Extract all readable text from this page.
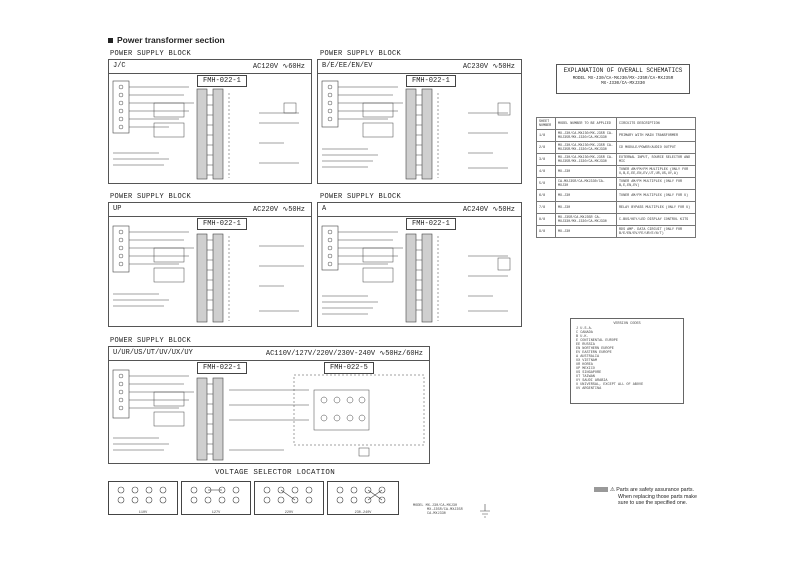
Power transformer section
POWER SUPPLY BLOCK
J/C	AC120V ∿60Hz
FMH-022-1
POWER SUPPLY BLOCK
B/E/EE/EN/EV	AC230V ∿50Hz
FMH-022-1
POWER SUPPLY BLOCK
UP	AC220V ∿50Hz
FMH-022-1
POWER SUPPLY BLOCK
A	AC240V ∿50Hz
FMH-022-1
POWER SUPPLY BLOCK
U/UR/US/UT/UV/UX/UY	AC110V/127V/220V/230V-240V ∿50Hz/60Hz
FMH-022-1	FMH-022-5
VOLTAGE SELECTOR LOCATION
110V	127V	220V	230-240V
MODEL MX-J30/CA-MXJ30
MX-J35R/CA-MXJ35R
CA-MXJ330
EXPLANATION OF OVERALL SCHEMATICS
MODEL MX-J30/CA-MXJ30/MX-J35R/CA-MXJ35R
MX-J330/CA-MXJ330
SHEET NUMBER	MODEL NUMBER TO BE APPLIED	CIRCUITS DESCRIPTION
1/8	MX-J30/CA-MXJ30/MX-J35R CA-MXJ35R/MX-J330/CA-MXJ330	PRIMARY WITH MAIN TRANSFORMER
2/8	MX-J30/CA-MXJ30/MX-J35R CA-MXJ35R/MX-J330/CA-MXJ330	CD MODULE/POWER/AUDIO OUTPUT
3/8	MX-J30/CA-MXJ30/MX-J35R CA-MXJ35R/MX-J330/CA-MXJ330	EXTERNAL INPUT, SOURCE SELECTOR AND MIC
4/8	MX-J30	TUNER AM/FM/FM MULTIPLEX (ONLY FOR U,B,E,EE,EN,EV,UT,UR,US,UY,A)
5/8	CA-MXJ35R/CA-MXJ330/CA-MXJ30	TUNER AM/FM MULTIPLEX (ONLY FOR B,E,EN,EV)
6/8	MX-J30	TUNER AM/FM MULTIPLEX (ONLY FOR U)
7/8	MX-J30	RELAY BYPASS MULTIPLEX (ONLY FOR U)
8/8	MX-J35R/CA-MXJ35R CA-MXJ330/MX-J330/CA-MXJ330	C-BUS/KEY/LED DISPLAY CONTROL KITS
9/8	MX-J30	RDS AMP. DATA CIRCUIT (ONLY FOR B/E/EN/EV/FE/UR/E/N/T)
VERSION CODES
J U.S.A.
C CANADA
B U.K.
E CONTINENTAL EUROPE
EE RUSSIA
EN NORTHERN EUROPE
EV EASTERN EUROPE
A AUSTRALIA
UX VIETNAM
UR KOREA
UP MEXICO
US SINGAPORE
UT TAIWAN
UY SAUDI ARABIA
U UNIVERSAL, EXCEPT ALL OF ABOVE
UV ARGENTINA
⚠ Parts are safety assurance parts.
When replacing those parts make
sure to use the specified one.
